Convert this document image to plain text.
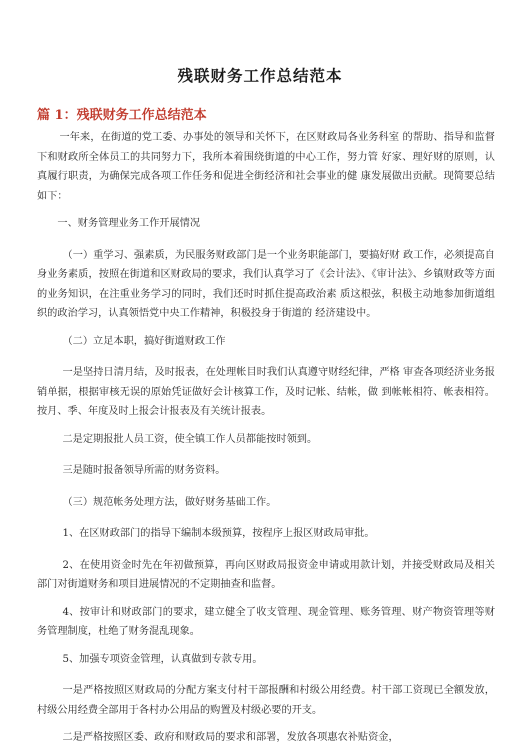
残联财务工作总结范本
篇 1：残联财务工作总结范本

一年来，在街道的党工委、办事处的领导和关怀下，在区财政局各业务科室 的帮助、指导和监督下和财政所全体员工的共同努力下，我所本着围绕街道的中心工作，努力管 好家、理好财的原则，认真履行职责，为确保完成各项工作任务和促进全街经济和社会事业的健 康发展做出贡献。现简要总结如下：

一、财务管理业务工作开展情况

（一）重学习、强素质，为民服务财政部门是一个业务职能部门，要搞好财 政工作，必须提高自身业务素质，按照在街道和区财政局的要求，我们认真学习了《会计法》、《审计法》、乡镇财政等方面的业务知识，在注重业务学习的同时，我们还时时抓住提高政治素 质这根弦，积极主动地参加街道组织的政治学习，认真领悟党中央工作精神，积极投身于街道的 经济建设中。

（二）立足本职，搞好街道财政工作

一是坚持日清月结，及时报表，在处理帐目时我们认真遵守财经纪律，严格 审查各项经济业务报销单据，根据审核无误的原始凭证做好会计核算工作，及时记帐、结帐，做 到帐帐相符、帐表相符。按月、季、年度及时上报会计报表及有关统计报表。

二是定期报批人员工资，使全镇工作人员都能按时领到。

三是随时报备领导所需的财务资料。

（三）规范帐务处理方法，做好财务基础工作。

1、在区财政部门的指导下编制本级预算，按程序上报区财政局审批。

2、在使用资金时先在年初做预算，再向区财政局报资金申请或用款计划，并接受财政局及相关部门对街道财务和项目进展情况的不定期抽查和监督。

4、按审计和财政部门的要求，建立健全了收支管理、现金管理、账务管理、财产物资管理等财务管理制度，杜绝了财务混乱现象。

5、加强专项资金管理，认真做到专款专用。

一是严格按照区财政局的分配方案支付村干部报酬和村级公用经费。村干部工资现已全额发放，村级公用经费全部用于各村办公用品的购置及村级必要的开支。

二是严格按照区委、政府和财政局的要求和部署，发放各项惠农补贴资金，
